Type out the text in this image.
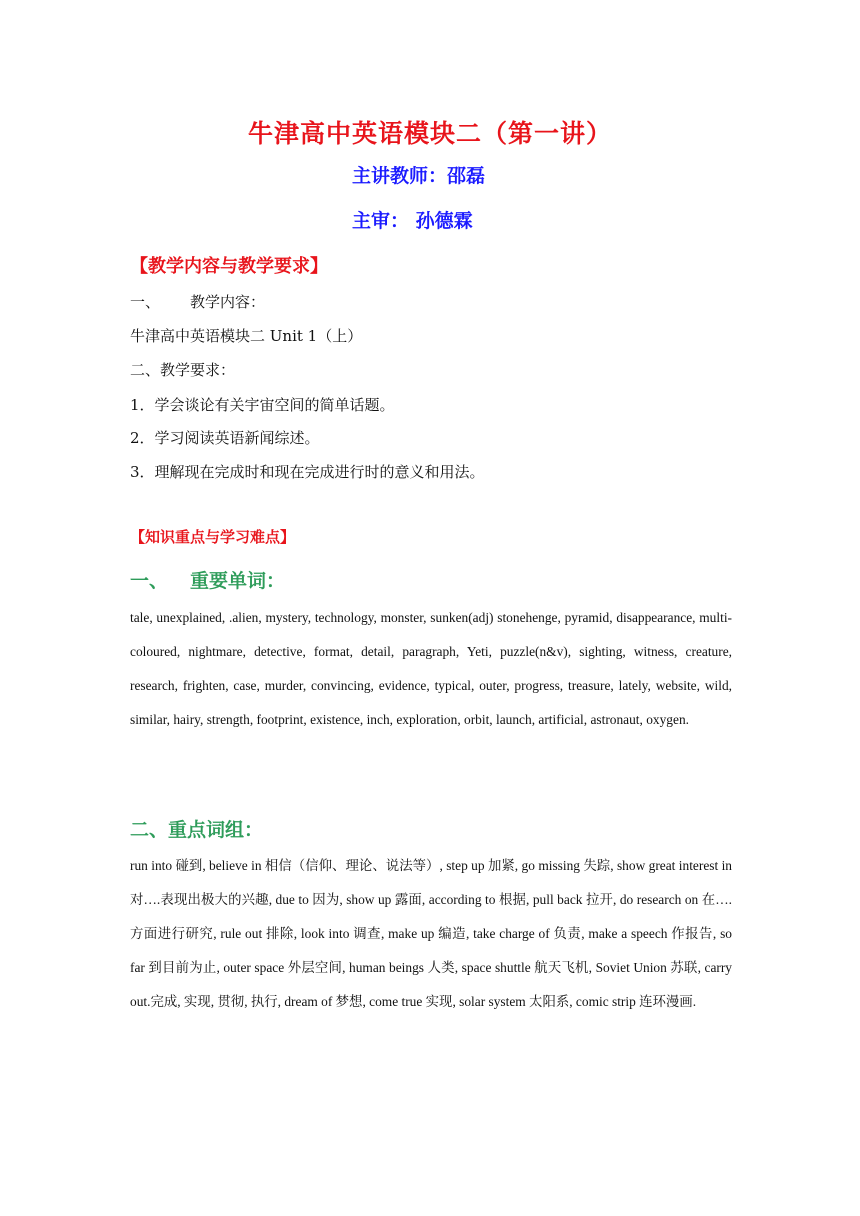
牛津高中英语模块二（第一讲）
主讲教师：邵磊
主审： 孙德霖
【教学内容与教学要求】
一、 教学内容：
牛津高中英语模块二 Unit 1（上）
二、教学要求：
1．学会谈论有关宇宙空间的简单话题。
2．学习阅读英语新闻综述。
3．理解现在完成时和现在完成进行时的意义和用法。
【知识重点与学习难点】
一、 重要单词：
tale, unexplained, .alien, mystery, technology, monster, sunken(adj) stonehenge, pyramid, disappearance, multi-coloured, nightmare, detective, format, detail, paragraph, Yeti, puzzle(n&v), sighting, witness, creature, research, frighten, case, murder, convincing, evidence, typical, outer, progress, treasure, lately, website, wild, similar, hairy, strength, footprint, existence, inch, exploration, orbit, launch, artificial, astronaut, oxygen.
二、重点词组：
run into 碰到, believe in 相信（信仰、理论、说法等）, step up 加紧, go missing 失踪, show great interest in 对….表现出极大的兴趣, due to 因为, show up 露面, according to 根据, pull back 拉开, do research on 在….方面进行研究, rule out 排除, look into 调查, make up 编造, take charge of 负责, make a speech 作报告, so far 到目前为止, outer space 外层空间, human beings 人类, space shuttle 航天飞机, Soviet Union 苏联, carry out.完成, 实现, 贯彻, 执行, dream of 梦想, come true 实现, solar system 太阳系, comic strip 连环漫画.
